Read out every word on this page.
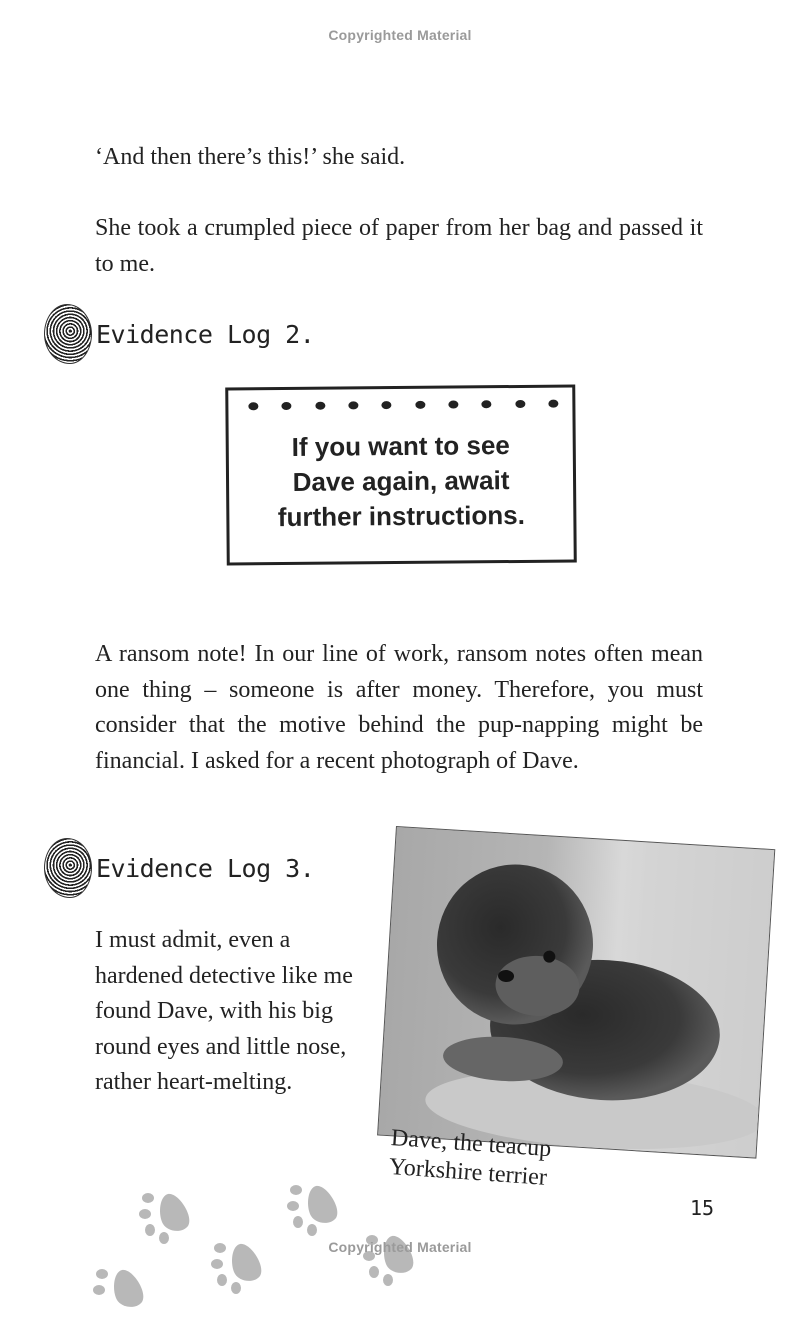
Copyrighted Material
‘And then there’s this!’ she said.
She took a crumpled piece of paper from her bag and passed it to me.
Evidence Log 2.
If you want to see
Dave again, await
further instructions.
A ransom note! In our line of work, ransom notes often mean one thing – someone is after money. Therefore, you must consider that the motive behind the pup-napping might be financial. I asked for a recent photograph of Dave.
Evidence Log 3.
I must admit, even a hardened detective like me found Dave, with his big round eyes and little nose, rather heart-melting.
Dave, the teacup
Yorkshire terrier
15
Copyrighted Material
